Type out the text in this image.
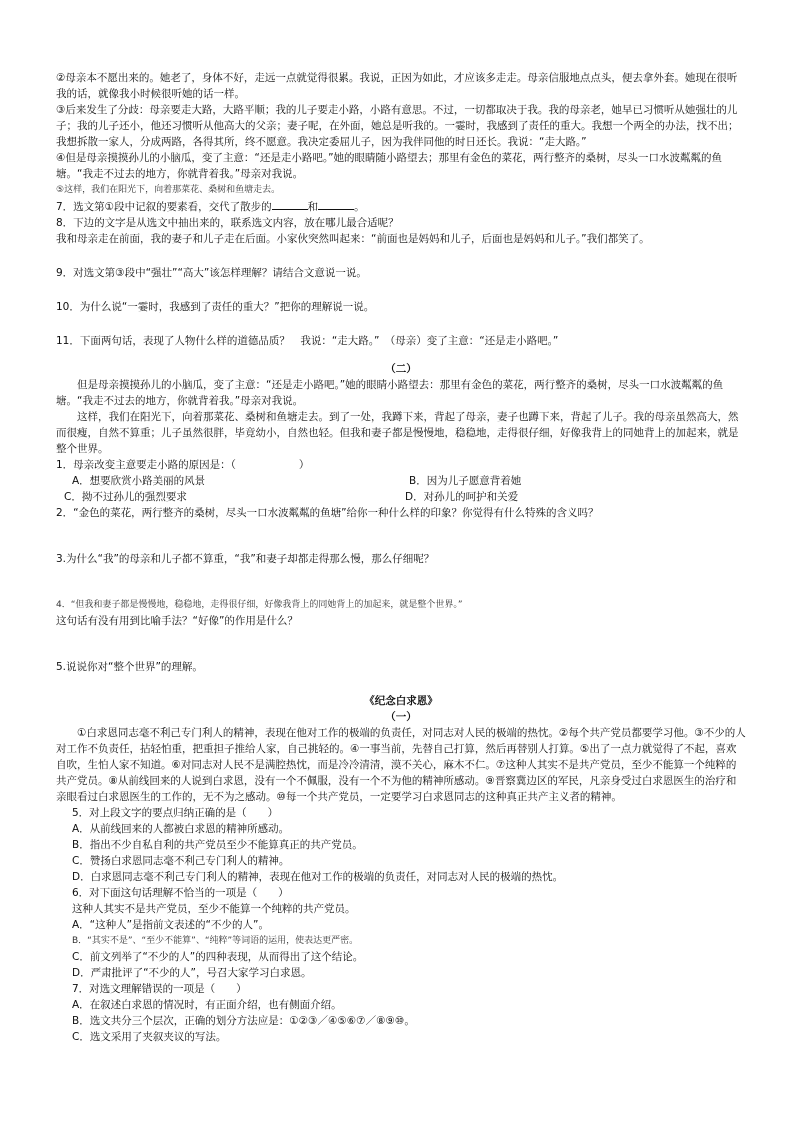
②母亲本不愿出来的。她老了，身体不好，走远一点就觉得很累。我说，正因为如此，才应该多走走。母亲信服地点点头，便去拿外套。她现在很听我的话，就像我小时候很听她的话一样。
③后来发生了分歧：母亲要走大路，大路平顺；我的儿子要走小路，小路有意思。不过，一切都取决于我。我的母亲老，她早已习惯听从她强壮的儿子；我的儿子还小，他还习惯听从他高大的父亲；妻子呢，在外面，她总是听我的。一霎时，我感到了责任的重大。我想一个两全的办法，找不出；我想拆散一家人，分成两路，各得其所，终不愿意。我决定委屈儿子，因为我伴同他的时日还长。我说：“走大路。”
④但是母亲摸摸孙儿的小脑瓜，变了主意：“还是走小路吧。”她的眼睛随小路望去；那里有金色的菜花，两行整齐的桑树，尽头一口水波粼粼的鱼塘。“我走不过去的地方，你就背着我。”母亲对我说。
⑤这样，我们在阳光下，向着那菜花、桑树和鱼塘走去。
7．选文第①段中记叙的要素看，交代了散步的	和	。
8．下边的文字是从选文中抽出来的，联系选文内容，放在哪儿最合适呢？
我和母亲走在前面，我的妻子和儿子走在后面。小家伙突然叫起来：“前面也是妈妈和儿子，后面也是妈妈和儿子。”我们都笑了。
9．对选文第③段中“强壮”“高大”该怎样理解？请结合文意说一说。
10．为什么说“一霎时，我感到了责任的重大？”把你的理解说一说。
11．下面两句话，表现了人物什么样的道德品质？　我说：“走大路。”　（母亲）变了主意：“还是走小路吧。”
（二）
但是母亲摸摸孙儿的小脑瓜，变了主意：“还是走小路吧。”她的眼睛小路望去：那里有金色的菜花，两行整齐的桑树，尽头一口水波粼粼的鱼塘。“我走不过去的地方，你就背着我。”母亲对我说。
这样，我们在阳光下，向着那菜花、桑树和鱼塘走去。到了一处，我蹲下来，背起了母亲，妻子也蹲下来，背起了儿子。我的母亲虽然高大，然而很瘦，自然不算重；儿子虽然很胖，毕竟幼小，自然也轻。但我和妻子都是慢慢地，稳稳地，走得很仔细，好像我背上的同她背上的加起来，就是整个世界。
1．母亲改变主意要走小路的原因是：（　　　　　　）
A．想要欣赏小路美丽的风景	B．因为儿子愿意背着她
C．拗不过孙儿的强烈要求	D．对孙儿的呵护和关爱
2．“金色的菜花，两行整齐的桑树，尽头一口水波粼粼的鱼塘”给你一种什么样的印象？你觉得有什么特殊的含义吗？
3.为什么“我”的母亲和儿子都不算重，“我”和妻子却都走得那么慢，那么仔细呢？
4．“但我和妻子都是慢慢地，稳稳地，走得很仔细，好像我背上的同她背上的加起来，就是整个世界。”
这句话有没有用到比喻手法？“好像”的作用是什么？
5.说说你对“整个世界”的理解。
《纪念白求恩》
（一）
①白求恩同志毫不利己专门利人的精神，表现在他对工作的极端的负责任，对同志对人民的极端的热忱。②每个共产党员都要学习他。③不少的人对工作不负责任，拈轻怕重，把重担子推给人家，自己挑轻的。④一事当前，先替自己打算，然后再替别人打算。⑤出了一点力就觉得了不起，喜欢自吹，生怕人家不知道。⑥对同志对人民不是满腔热忱，而是冷冷清清，漠不关心，麻木不仁。⑦这种人其实不是共产党员，至少不能算一个纯粹的共产党员。⑧从前线回来的人说到白求恩，没有一个不佩服，没有一个不为他的精神所感动。⑨晋察冀边区的军民，凡亲身受过白求恩医生的治疗和亲眼看过白求恩医生的工作的，无不为之感动。⑩每一个共产党员，一定要学习白求恩同志的这种真正共产主义者的精神。
5．对上段文字的要点归纳正确的是（　　）
A．从前线回来的人都被白求恩的精神所感动。
B．指出不少自私自利的共产党员至少不能算真正的共产党员。
C．赞扬白求恩同志毫不利己专门利人的精神。
D．白求恩同志毫不利己专门利人的精神，表现在他对工作的极端的负责任，对同志对人民的极端的热忱。
6．对下面这句话理解不恰当的一项是（　　）
这种人其实不是共产党员，至少不能算一个纯粹的共产党员。
A．“这种人”是指前文表述的“不少的人”。
B．“其实不是”、“至少不能算”、“纯粹”等词语的运用，使表达更严密。
C．前文列举了“不少的人”的四种表现，从而得出了这个结论。
D．严肃批评了“不少的人”，号召大家学习白求恩。
7．对选文理解错误的一项是（　　）
A．在叙述白求恩的情况时，有正面介绍，也有侧面介绍。
B．选文共分三个层次，正确的划分方法应是：①②③／④⑤⑥⑦／⑧⑨⑩。
C．选文采用了夹叙夹议的写法。
